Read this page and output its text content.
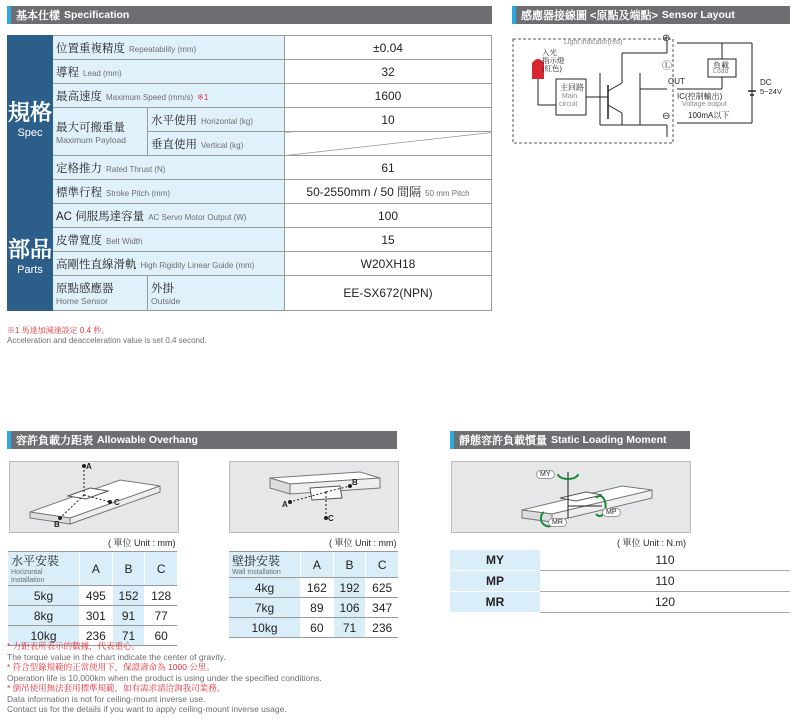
基本仕樣 Specification	感應器接線圖 <原點及端點> Sensor Layout
容許負載力距表 Allowable Overhang	靜態容許負載慣量 Static Loading Moment
規格
Spec	位置重複精度 Repeatability (mm)		±0.04
	導程 Lead (mm)		32
	最高速度 Maximum Speed (mm/s) ※1		1600
	最大可搬重量
Maximum Payload	水平使用 Horizontal (kg)	10
		垂直使用 Vertical (kg)	
	定格推力 Rated Thrust (N)		61
	標準行程 Stroke Pitch (mm)		50-2550mm / 50 間隔 50 mm Pitch

部品
Parts	AC 伺服馬達容量 AC Servo Motor Output (W)		100
	皮帶寬度 Belt Width		15
	高剛性直線滑軌 High Rigidity Linear Guide (mm)		W20XH18
	原點感應器
Home Sensor	外掛
Outside	EE-SX672(NPN)
※1 馬達加減速設定 0.4 秒。
Acceleration and deacceleration value is set 0.4 second.
Light indicator(red)
入光
指示燈
(紅色)
主回路
Main
circuit
⊕
Ⓛ
⊖
負載
Load
OUT
IC(控制輸出)
Voltage output
100mA以下
DC
5~24V
A
C
B
A
C
B
( 單位 Unit : mm)	( 單位 Unit : mm)
水平安裝
Horizontal Installation	A	B	C
5kg	495	152	128
8kg	301	91	77
10kg	236	71	60
壁掛安裝
Wall Installation	A	B	C
4kg	162	192	625
7kg	89	106	347
10kg	60	71	236
MY
MP
MR
( 單位 Unit : N.m)
MY	110
MP	110
MR	120
* 力距表所表示的數據，代表重心。
The torque value in the chart indicate the center of gravity.
* 符合型錄規範的正常使用下，保證壽命為 1000 公里。
Operation life is 10,000km when the product is using under the specified conditions.
* 倒吊使用無法套用標準規範，如有需求請洽詢我司業務。
Data information is not for ceiling-mount inverse use.
Contact us for the details if you want to apply ceiling-mount inverse usage.
